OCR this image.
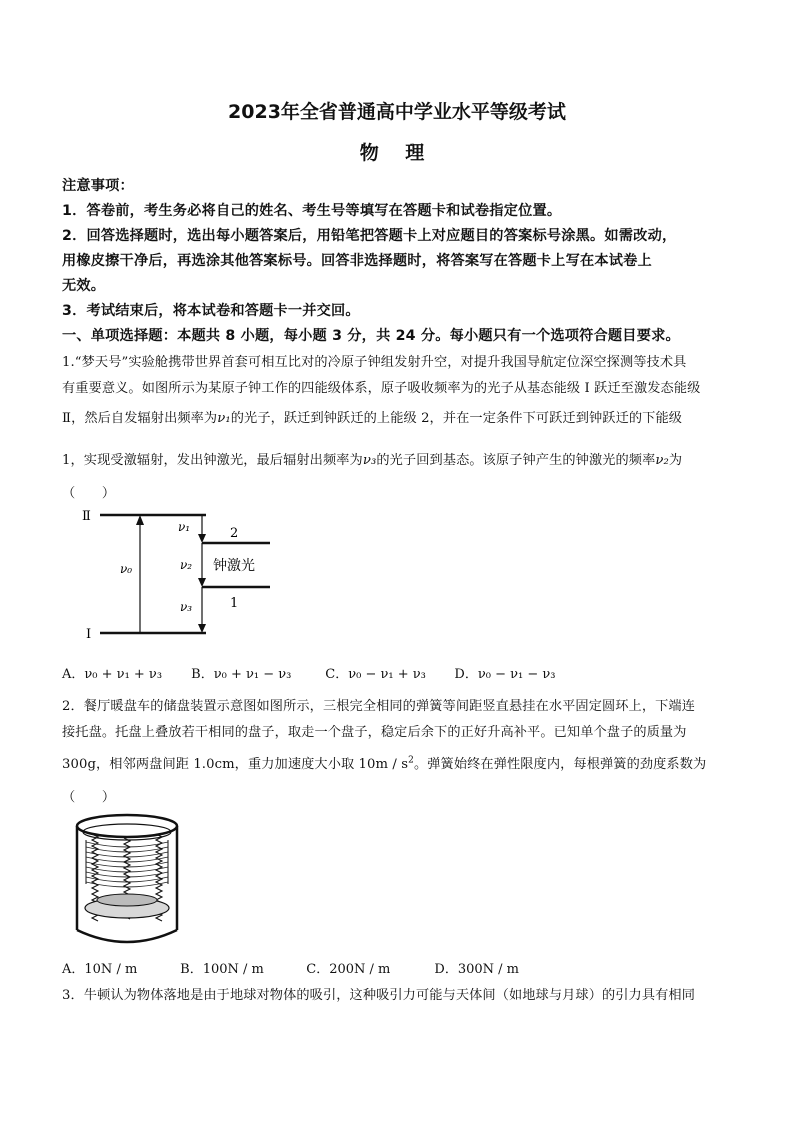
2023年全省普通高中学业水平等级考试
物 理
注意事项：
1．答卷前，考生务必将自己的姓名、考生号等填写在答题卡和试卷指定位置。
2．回答选择题时，选出每小题答案后，用铅笔把答题卡上对应题目的答案标号涂黑。如需改动，
用橡皮擦干净后，再选涂其他答案标号。回答非选择题时，将答案写在答题卡上写在本试卷上
无效。
3．考试结束后，将本试卷和答题卡一并交回。
一、单项选择题：本题共 8 小题，每小题 3 分，共 24 分。每小题只有一个选项符合题目要求。
1.“梦天号”实验舱携带世界首套可相互比对的冷原子钟组发射升空，对提升我国导航定位深空探测等技术具
有重要意义。如图所示为某原子钟工作的四能级体系，原子吸收频率为的光子从基态能级 I 跃迁至激发态能级
Ⅱ，然后自发辐射出频率为ν₁的光子，跃迁到钟跃迁的上能级 2，并在一定条件下可跃迁到钟跃迁的下能级
1，实现受激辐射，发出钟激光，最后辐射出频率为ν₃的光子回到基态。该原子钟产生的钟激光的频率ν₂为
（　　）
Ⅱ
Ⅰ
2
1
ν₀
ν₁
ν₂
ν₃
钟激光
A．ν₀ + ν₁ + ν₃ B．ν₀ + ν₁ − ν₃	C．ν₀ − ν₁ + ν₃ D．ν₀ − ν₁ − ν₃
2．餐厅暖盘车的储盘装置示意图如图所示，三根完全相同的弹簧等间距竖直悬挂在水平固定圆环上，下端连
接托盘。托盘上叠放若干相同的盘子，取走一个盘子，稳定后余下的正好升高补平。已知单个盘子的质量为
300g，相邻两盘间距 1.0cm，重力加速度大小取 $10m / s^2$。弹簧始终在弹性限度内，每根弹簧的劲度系数为
（　　）
A．10N / m	B．100N / m	C．200N / m	D．300N / m
3．牛顿认为物体落地是由于地球对物体的吸引，这种吸引力可能与天体间（如地球与月球）的引力具有相同
